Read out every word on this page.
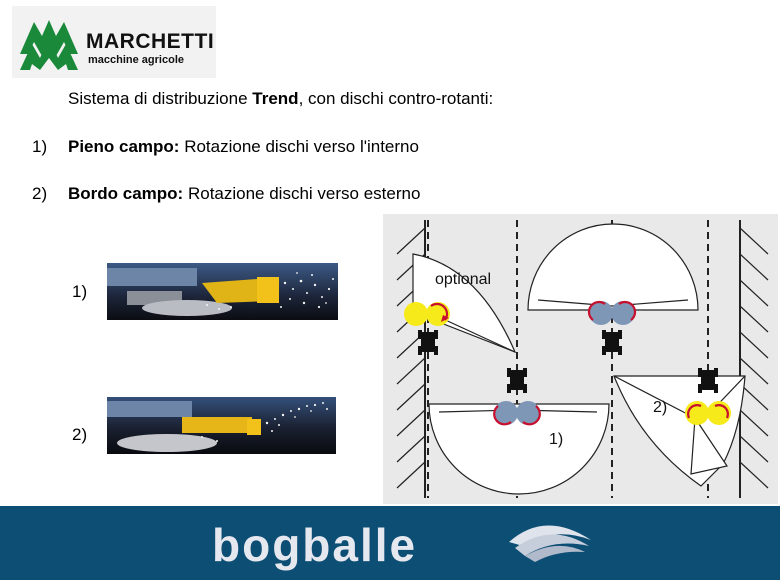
MARCHETTI
macchine agricole
Sistema di distribuzione Trend, con dischi contro-rotanti:
1) Pieno campo: Rotazione dischi verso l'interno
2) Bordo campo: Rotazione dischi verso esterno
1)
2)
optional
1)
2)
bogballe
